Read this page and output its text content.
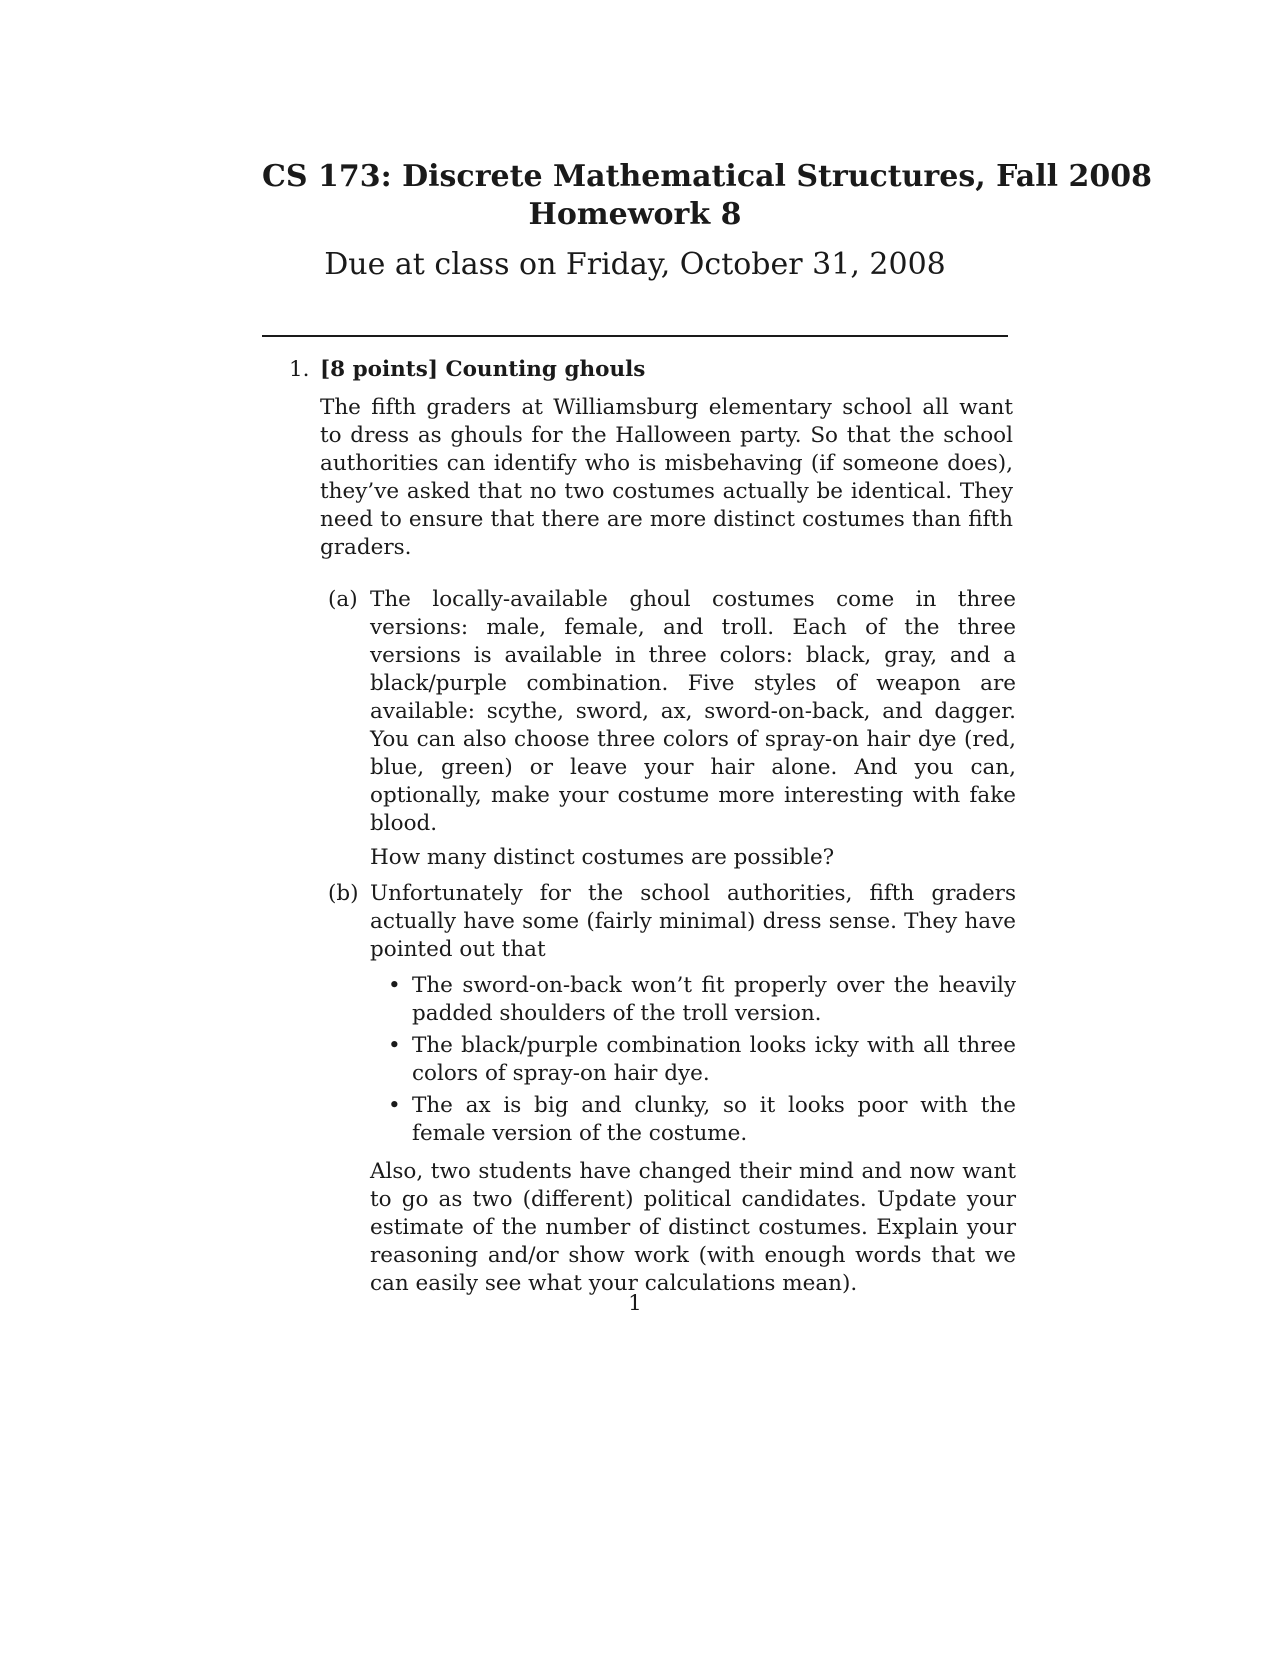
CS 173: Discrete Mathematical Structures, Fall 2008
Homework 8
Due at class on Friday, October 31, 2008
1. [8 points] Counting ghouls
The fifth graders at Williamsburg elementary school all want to dress as ghouls for the Halloween party. So that the school authorities can identify who is misbehaving (if someone does), they’ve asked that no two costumes actually be identical. They need to ensure that there are more distinct costumes than fifth graders.
(a) The locally-available ghoul costumes come in three versions: male, female, and troll. Each of the three versions is available in three colors: black, gray, and a black/purple combination. Five styles of weapon are available: scythe, sword, ax, sword-on-back, and dagger. You can also choose three colors of spray-on hair dye (red, blue, green) or leave your hair alone. And you can, optionally, make your costume more interesting with fake blood.

How many distinct costumes are possible?

(b) Unfortunately for the school authorities, fifth graders actually have some (fairly minimal) dress sense. They have pointed out that

• The sword-on-back won’t fit properly over the heavily padded shoulders of the troll version.
• The black/purple combination looks icky with all three colors of spray-on hair dye.
• The ax is big and clunky, so it looks poor with the female version of the costume.

Also, two students have changed their mind and now want to go as two (different) political candidates. Update your estimate of the number of distinct costumes. Explain your reasoning and/or show work (with enough words that we can easily see what your calculations mean).

1
